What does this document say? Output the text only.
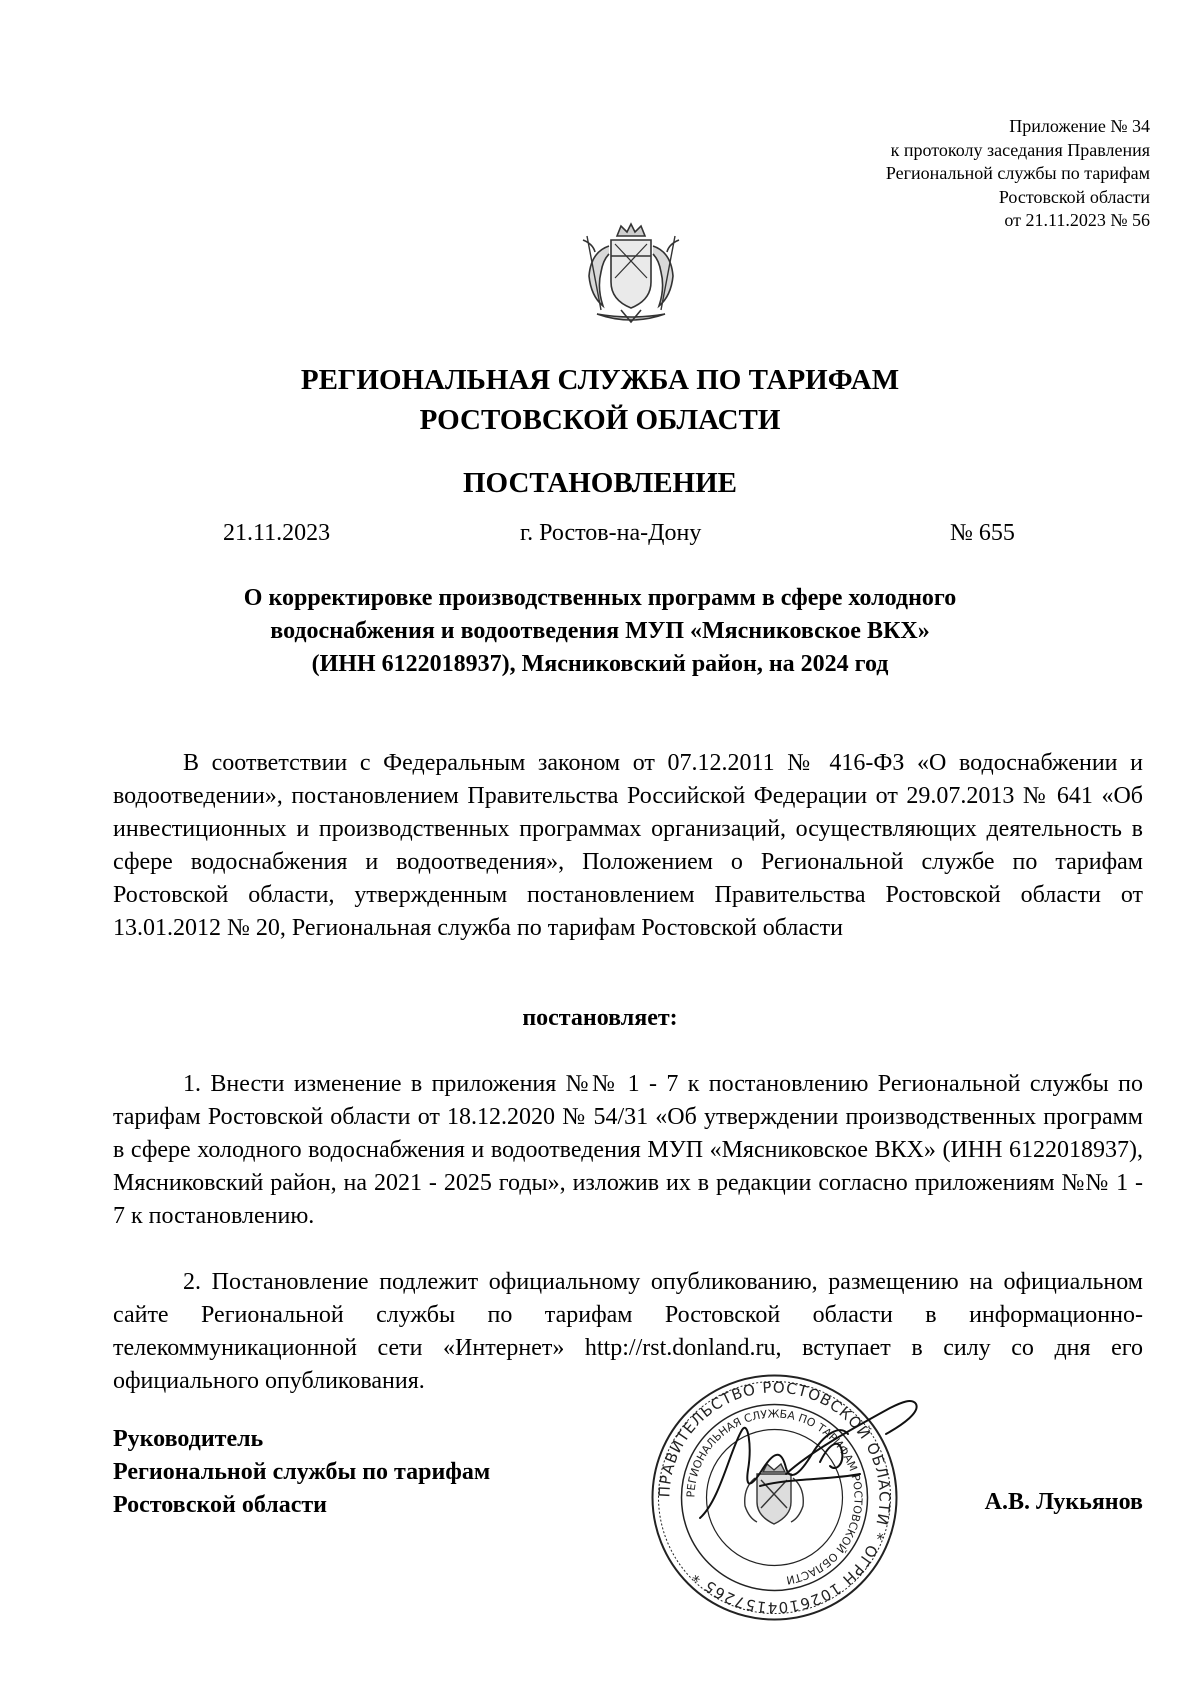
Приложение № 34
к протоколу заседания Правления
Региональной службы по тарифам
Ростовской области
от 21.11.2023 № 56
РЕГИОНАЛЬНАЯ СЛУЖБА ПО ТАРИФАМ
РОСТОВСКОЙ ОБЛАСТИ
ПОСТАНОВЛЕНИЕ
21.11.2023	г. Ростов-на-Дону	№ 655
О корректировке производственных программ в сфере холодного
водоснабжения и водоотведения МУП «Мясниковское ВКХ»
(ИНН 6122018937), Мясниковский район, на 2024 год
В соответствии с Федеральным законом от 07.12.2011 № 416-ФЗ «О водоснабжении и водоотведении», постановлением Правительства Российской Федерации от 29.07.2013 № 641 «Об инвестиционных и производственных программах организаций, осуществляющих деятельность в сфере водоснабжения и водоотведения», Положением о Региональной службе по тарифам Ростовской области, утвержденным постановлением Правительства Ростовской области от 13.01.2012 № 20, Региональная служба по тарифам Ростовской области
постановляет:
1. Внести изменение в приложения №№ 1 - 7 к постановлению Региональной службы по тарифам Ростовской области от 18.12.2020 № 54/31 «Об утверждении производственных программ в сфере холодного водоснабжения и водоотведения МУП «Мясниковское ВКХ» (ИНН 6122018937), Мясниковский район, на 2021 - 2025 годы», изложив их в редакции согласно приложениям №№ 1 - 7 к постановлению.
2. Постановление подлежит официальному опубликованию, размещению на официальном сайте Региональной службы по тарифам Ростовской области в информационно-телекоммуникационной сети «Интернет» http://rst.donland.ru, вступает в силу со дня его официального опубликования.
Руководитель
Региональной службы по тарифам
Ростовской области
ПРАВИТЕЛЬСТВО РОСТОВСКОЙ ОБЛАСТИ * ОГРН 1026104157265 *
РЕГИОНАЛЬНАЯ СЛУЖБА ПО ТАРИФАМ РОСТОВСКОЙ ОБЛАСТИ
А.В. Лукьянов
